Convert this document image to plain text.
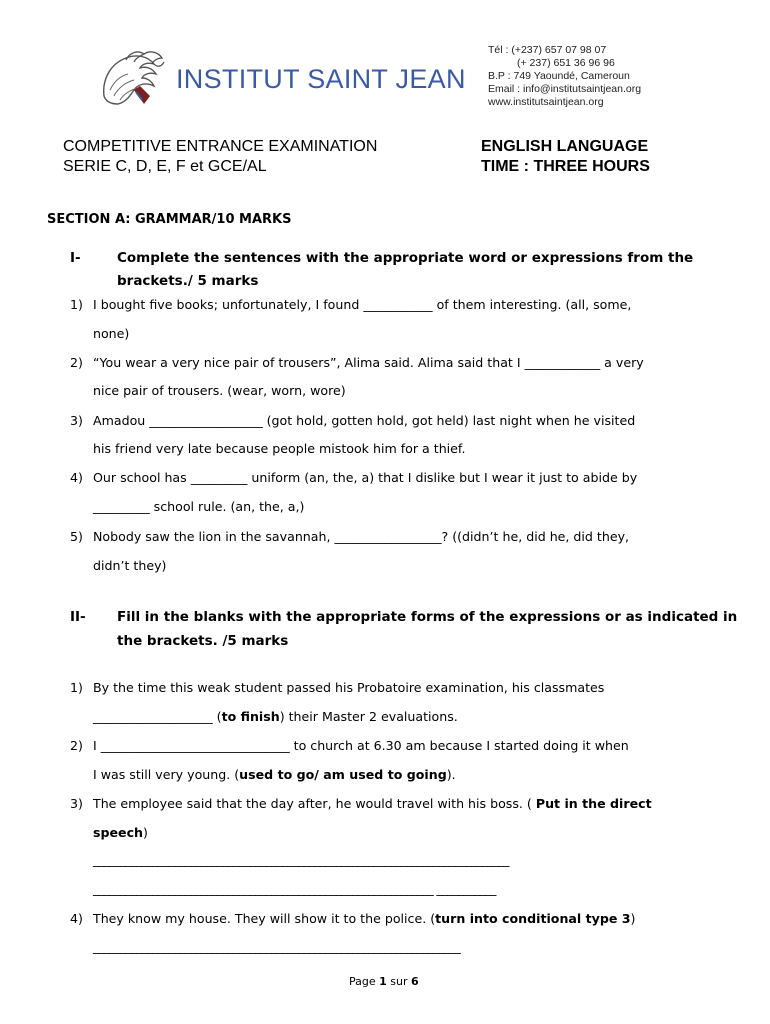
INSTITUT SAINT JEAN
Tél : (+237) 657 07 98 07
(+ 237) 651 36 96 96
B.P : 749 Yaoundé, Cameroun
Email : info@institutsaintjean.org
www.institutsaintjean.org
COMPETITIVE ENTRANCE EXAMINATION
SERIE C, D, E, F et GCE/AL
ENGLISH LANGUAGE
TIME : THREE HOURS
SECTION A: GRAMMAR/10 MARKS
I-	Complete the sentences with the appropriate word or expressions from the
brackets./ 5 marks
1) I bought five books; unfortunately, I found ___________ of them interesting. (all, some,
none)
2) “You wear a very nice pair of trousers”, Alima said. Alima said that I ____________ a very
nice pair of trousers. (wear, worn, wore)
3) Amadou __________________ (got hold, gotten hold, got held) last night when he visited
his friend very late because people mistook him for a thief.
4) Our school has _________ uniform (an, the, a) that I dislike but I wear it just to abide by
_________ school rule. (an, the, a,)
5) Nobody saw the lion in the savannah, _________________? ((didn’t he, did he, did they,
didn’t they)
II- Fill in the blanks with the appropriate forms of the expressions or as indicated in
the brackets. /5 marks
1) By the time this weak student passed his Probatoire examination, his classmates
___________________ (to finish) their Master 2 evaluations.
2) I ______________________________ to church at 6.30 am because I started doing it when
I was still very young. (used to go/ am used to going).
3) The employee said that the day after, he would travel with his boss. ( Put in the direct
speech)
_____________________________________________________________________________
_______________________________________________________________ ___________
4) They know my house. They will show it to the police. (turn into conditional type 3)
____________________________________________________________________
Page 1 sur 6
